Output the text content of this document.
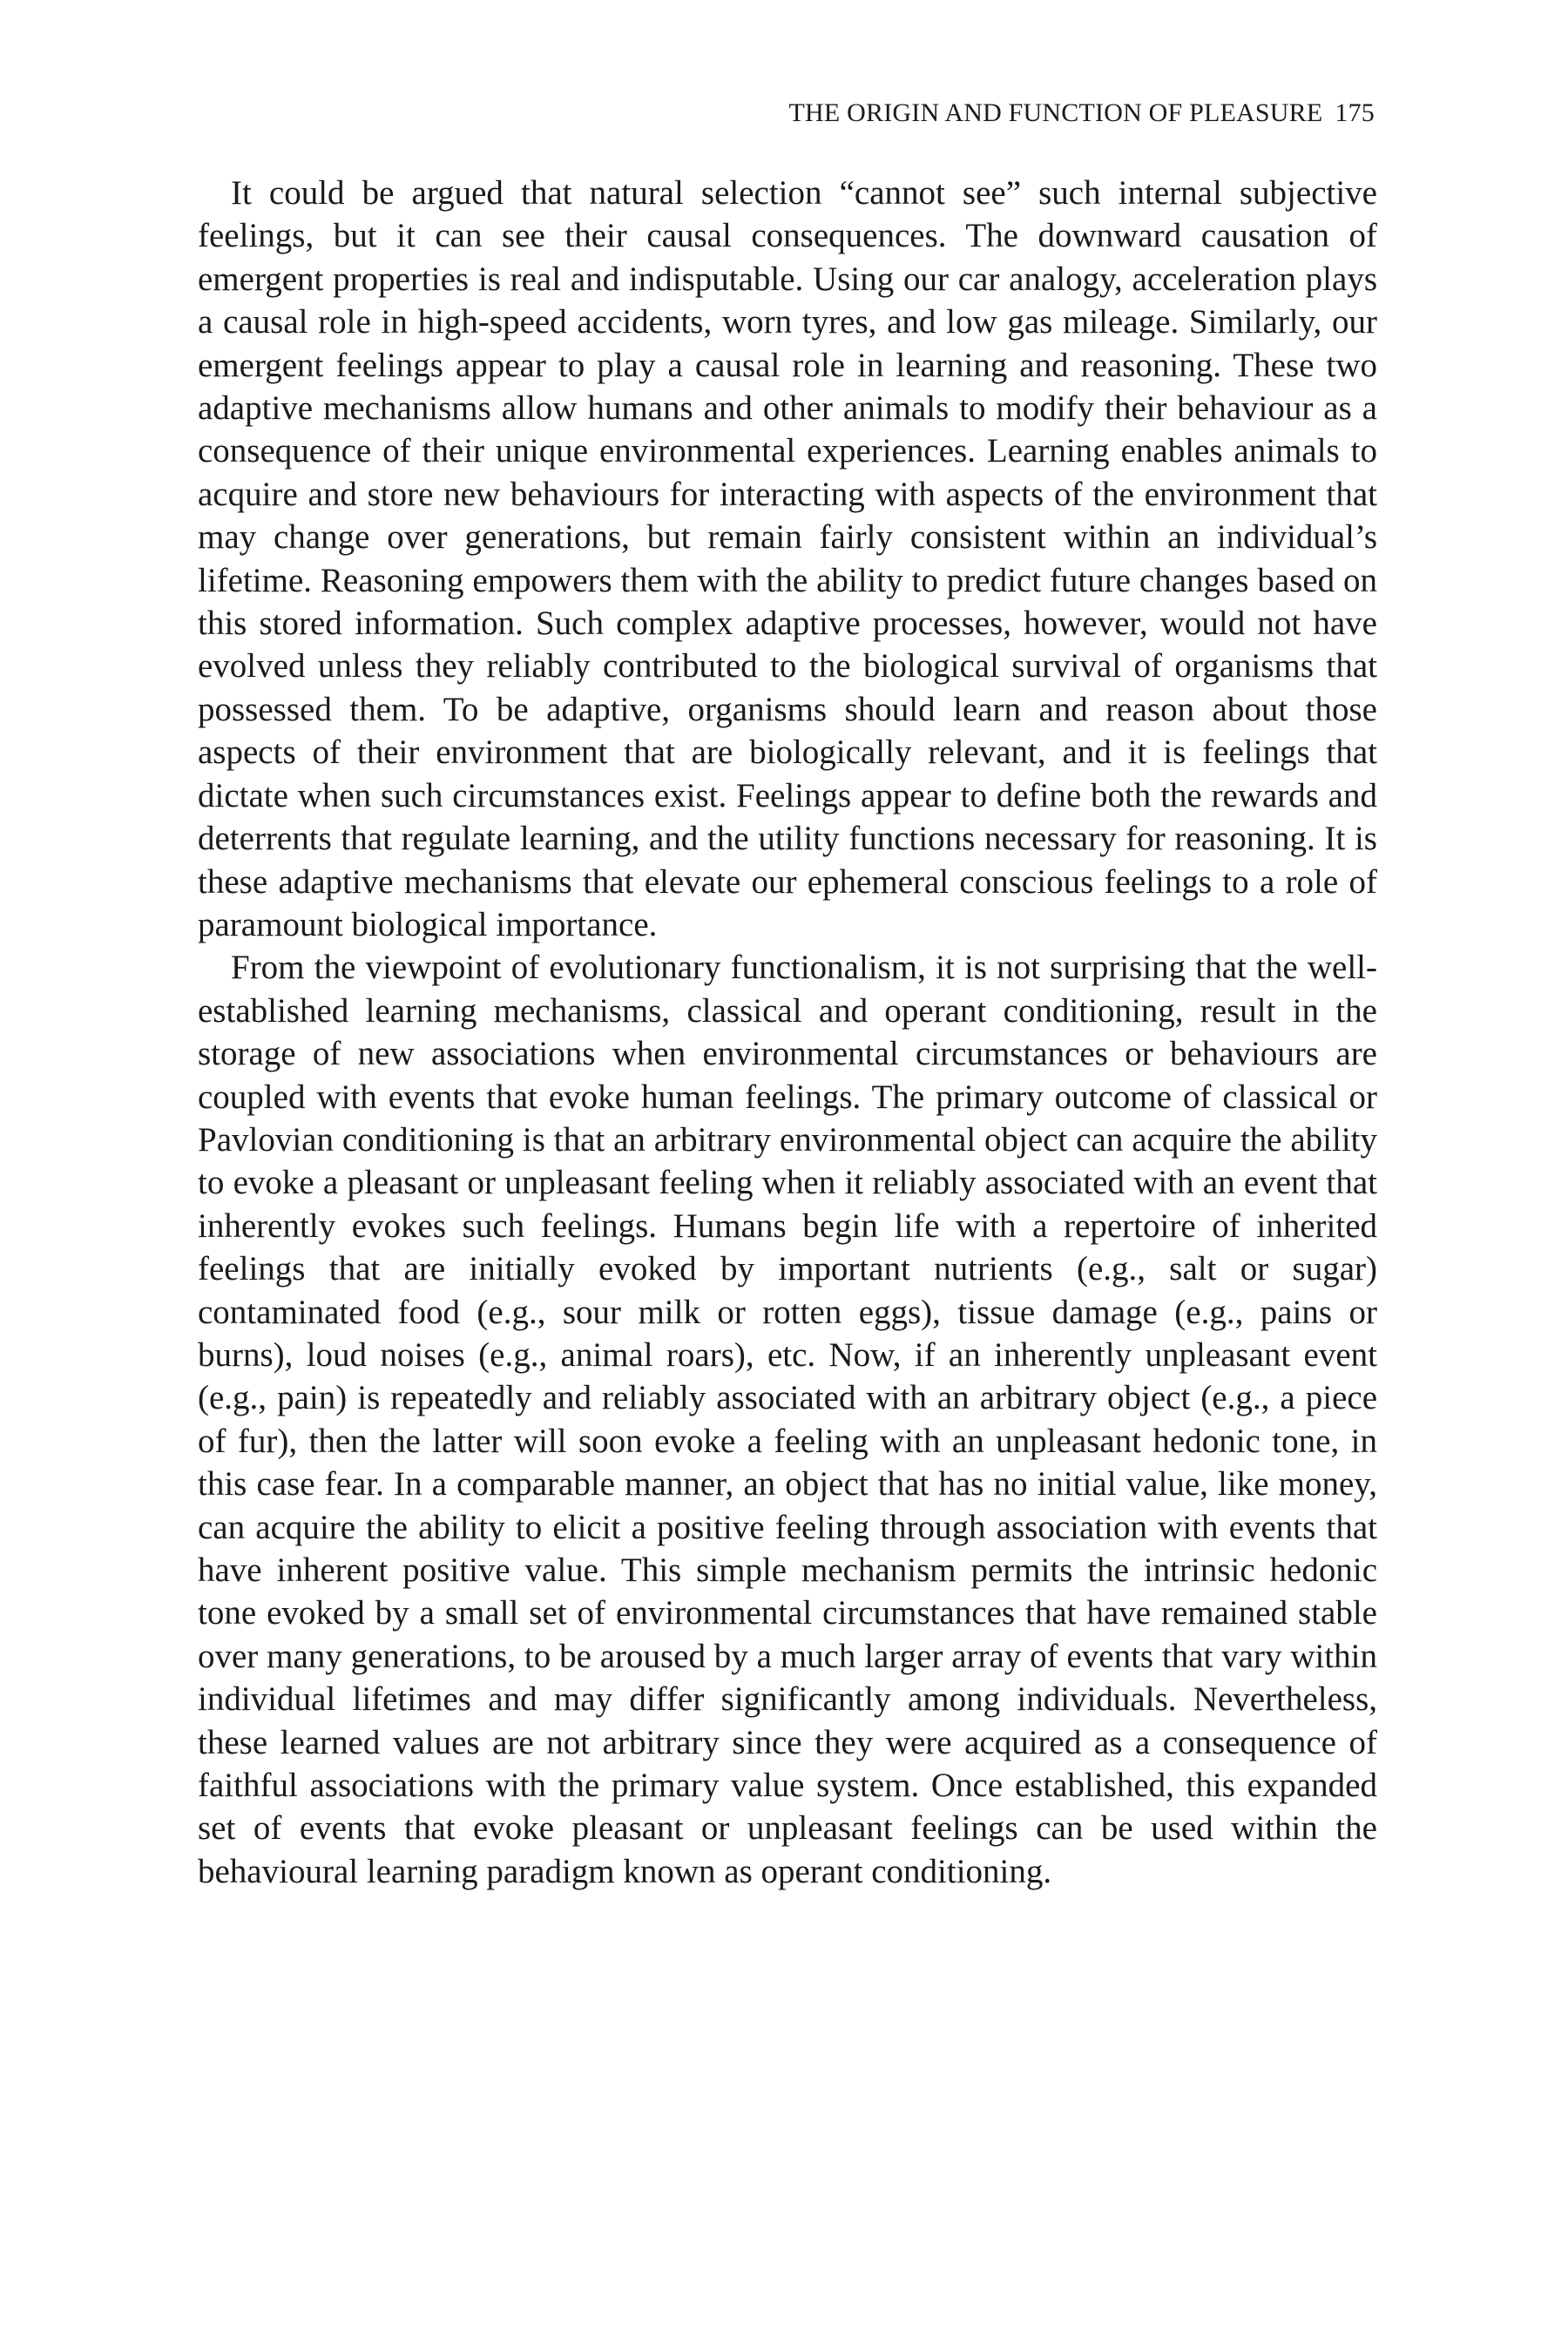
THE ORIGIN AND FUNCTION OF PLEASURE 175

It could be argued that natural selection “cannot see” such internal subjective feelings, but it can see their causal consequences. The downward causation of emergent properties is real and indisputable. Using our car analogy, acceleration plays a causal role in high-speed accidents, worn tyres, and low gas mileage. Similarly, our emergent feelings appear to play a causal role in learning and reasoning. These two adaptive mechanisms allow humans and other animals to modify their behaviour as a consequence of their unique environmental experiences. Learning enables animals to acquire and store new behaviours for interacting with aspects of the environment that may change over generations, but remain fairly consistent within an individual’s lifetime. Reasoning empowers them with the ability to predict future changes based on this stored information. Such complex adaptive processes, however, would not have evolved unless they reliably contributed to the biological survival of organisms that possessed them. To be adaptive, organisms should learn and reason about those aspects of their environment that are biologically relevant, and it is feelings that dictate when such circumstances exist. Feelings appear to define both the rewards and deterrents that regulate learning, and the utility functions necessary for reasoning. It is these adaptive mechanisms that elevate our ephemeral conscious feelings to a role of paramount biological importance.

From the viewpoint of evolutionary functionalism, it is not surprising that the well-established learning mechanisms, classical and operant conditioning, result in the storage of new associations when environmental circumstances or behaviours are coupled with events that evoke human feelings. The primary outcome of classical or Pavlovian conditioning is that an arbitrary environmental object can acquire the ability to evoke a pleasant or unpleasant feeling when it reliably associated with an event that inherently evokes such feelings. Humans begin life with a repertoire of inherited feelings that are initially evoked by important nutrients (e.g., salt or sugar) contaminated food (e.g., sour milk or rotten eggs), tissue damage (e.g., pains or burns), loud noises (e.g., animal roars), etc. Now, if an inherently unpleasant event (e.g., pain) is repeatedly and reliably associated with an arbitrary object (e.g., a piece of fur), then the latter will soon evoke a feeling with an unpleasant hedonic tone, in this case fear. In a comparable manner, an object that has no initial value, like money, can acquire the ability to elicit a positive feeling through association with events that have inherent positive value. This simple mechanism permits the intrinsic hedonic tone evoked by a small set of environmental circumstances that have remained stable over many generations, to be aroused by a much larger array of events that vary within individual lifetimes and may differ significantly among individuals. Nevertheless, these learned values are not arbitrary since they were acquired as a consequence of faithful associations with the primary value system. Once established, this expanded set of events that evoke pleasant or unpleasant feelings can be used within the behavioural learning paradigm known as operant conditioning.
